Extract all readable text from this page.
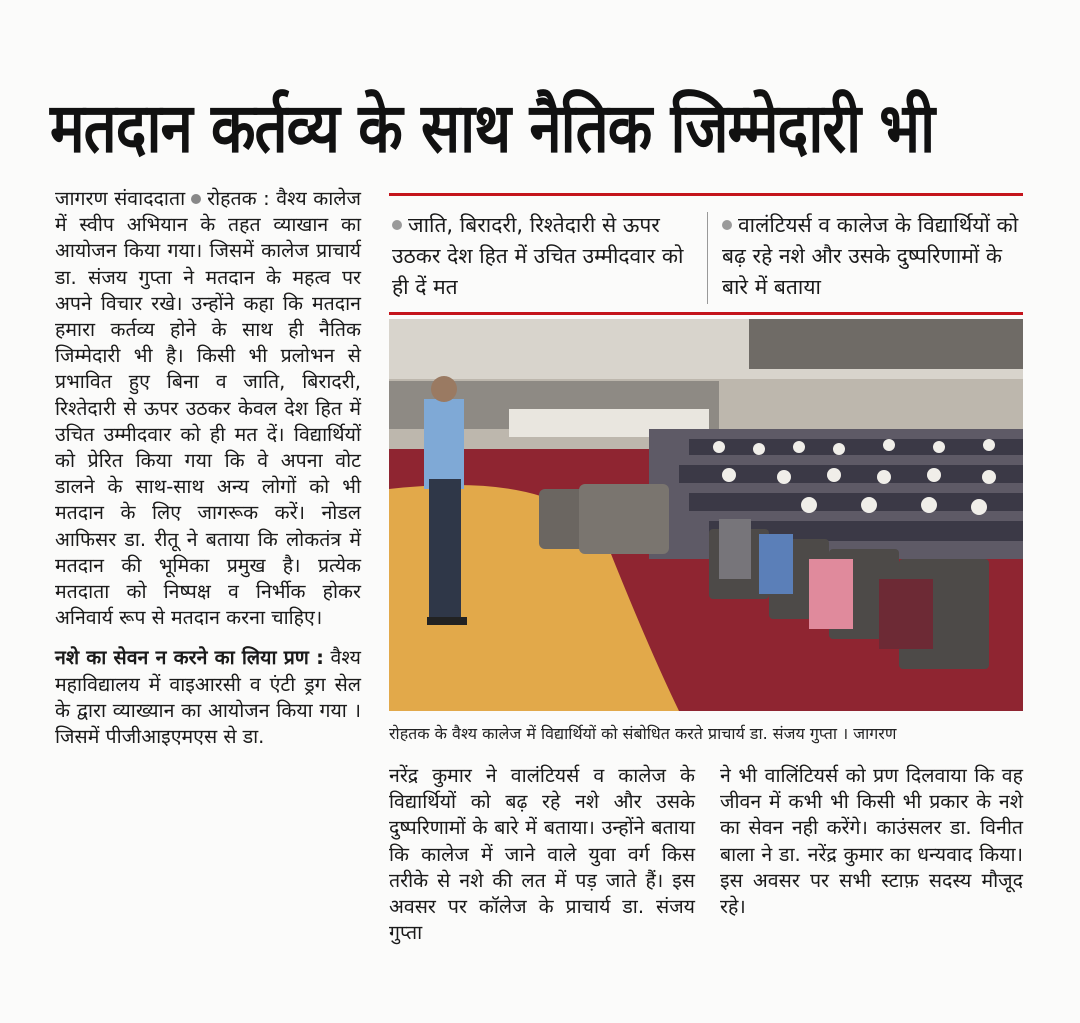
मतदान कर्तव्य के साथ नैतिक जिम्मेदारी भी

जागरण संवाददाता रोहतक : वैश्य कालेज में स्वीप अभियान के तहत व्याखान का आयोजन किया गया। जिसमें कालेज प्राचार्य डा. संजय गुप्ता ने मतदान के महत्व पर अपने विचार रखे। उन्होंने कहा कि मतदान हमारा कर्तव्य होने के साथ ही नैतिक जिम्मेदारी भी है। किसी भी प्रलोभन से प्रभावित हुए बिना व जाति, बिरादरी, रिश्तेदारी से ऊपर उठकर केवल देश हित में उचित उम्मीदवार को ही मत दें। विद्यार्थियों को प्रेरित किया गया कि वे अपना वोट डालने के साथ-साथ अन्य लोगों को भी मतदान के लिए जागरूक करें। नोडल आफिसर डा. रीतू ने बताया कि लोकतंत्र में मतदान की भूमिका प्रमुख है। प्रत्येक मतदाता को निष्पक्ष व निर्भीक होकर अनिवार्य रूप से मतदान करना चाहिए।

नशे का सेवन न करने का लिया प्रण : वैश्य महाविद्यालय में वाइआरसी व एंटी ड्रग सेल के द्वारा व्याख्यान का आयोजन किया गया । जिसमें पीजीआइएमएस से डा.

जाति, बिरादरी, रिश्तेदारी से ऊपर उठकर देश हित में उचित उम्मीदवार को ही दें मत
वालंटियर्स व कालेज के विद्यार्थियों को बढ़ रहे नशे और उसके दुष्परिणामों के बारे में बताया
रोहतक के वैश्य कालेज में विद्यार्थियों को संबोधित करते प्राचार्य डा. संजय गुप्ता । जागरण

नरेंद्र कुमार ने वालंटियर्स व कालेज के विद्यार्थियों को बढ़ रहे नशे और उसके दुष्परिणामों के बारे में बताया। उन्होंने बताया कि कालेज में जाने वाले युवा वर्ग किस तरीके से नशे की लत में पड़ जाते हैं। इस अवसर पर कॉलेज के प्राचार्य डा. संजय गुप्ता

ने भी वालिंटियर्स को प्रण दिलवाया कि वह जीवन में कभी भी किसी भी प्रकार के नशे का सेवन नही करेंगे। काउंसलर डा. विनीत बाला ने डा. नरेंद्र कुमार का धन्यवाद किया। इस अवसर पर सभी स्टाफ़ सदस्य मौजूद रहे।
